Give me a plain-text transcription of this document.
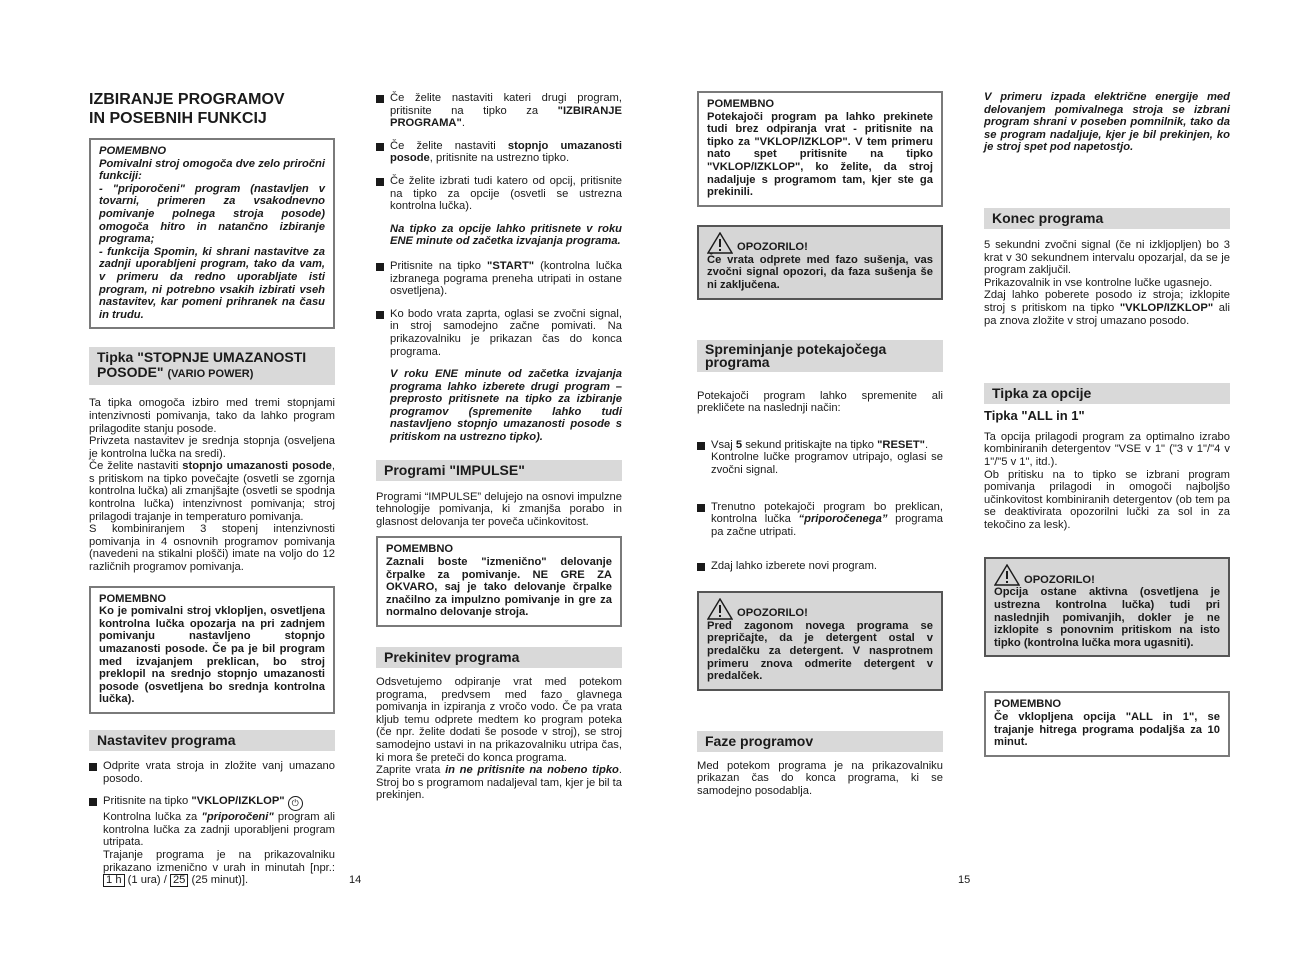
IZBIRANJE PROGRAMOV
IN POSEBNIH FUNKCIJ
POMEMBNO
Pomivalni stroj omogoča dve zelo priročni funkciji:
- "priporočeni" program (nastavljen v tovarni, primeren za vsakodnevno pomivanje polnega stroja posode) omogoča hitro in natančno izbiranje programa;
- funkcija Spomin, ki shrani nastavitve za zadnji uporabljeni program, tako da vam, v primeru da redno uporabljate isti program, ni potrebno vsakih izbirati vseh nastavitev, kar pomeni prihranek na času in trudu.
Tipka "STOPNJE UMAZANOSTI POSODE" (VARIO POWER)
Ta tipka omogoča izbiro med tremi stopnjami intenzivnosti pomivanja, tako da lahko program prilagodite stanju posode.
Privzeta nastavitev je srednja stopnja (osveljena je kontrolna lučka na sredi).
Če želite nastaviti stopnjo umazanosti posode, s pritiskom na tipko povečajte (osvetli se zgornja kontrolna lučka) ali zmanjšajte (osvetli se spodnja kontrolna lučka) intenzivnost pomivanja; stroj prilagodi trajanje in temperaturo pomivanja.
S kombiniranjem 3 stopenj intenzivnosti pomivanja in 4 osnovnih programov pomivanja (navedeni na stikalni plošči) imate na voljo do 12 različnih programov pomivanja.
POMEMBNO
Ko je pomivalni stroj vklopljen, osvetljena kontrolna lučka opozarja na pri zadnjem pomivanju nastavljeno stopnjo umazanosti posode. Če pa je bil program med izvajanjem preklican, bo stroj preklopil na srednjo stopnjo umazanosti posode (osvetljena bo srednja kontrolna lučka).
Nastavitev programa
Odprite vrata stroja in zložite vanj umazano posodo.
Pritisnite na tipko "VKLOP/IZKLOP" ⏻
Kontrolna lučka za "priporočeni" program ali kontrolna lučka za zadnji uporabljeni program utripata.
Trajanje programa je na prikazovalniku prikazano izmenično v urah in minutah [npr.: 1 h (1 ura) / 25 (25 minut)].
Če želite nastaviti kateri drugi program, pritisnite na tipko za "IZBIRANJE PROGRAMA".
Če želite nastaviti stopnjo umazanosti posode, pritisnite na ustrezno tipko.
Če želite izbrati tudi katero od opcij, pritisnite na tipko za opcije (osvetli se ustrezna kontrolna lučka).
Na tipko za opcije lahko pritisnete v roku ENE minute od začetka izvajanja programa.
Pritisnite na tipko "START" (kontrolna lučka izbranega pograma preneha utripati in ostane osvetljena).
Ko bodo vrata zaprta, oglasi se zvočni signal, in stroj samodejno začne pomivati. Na prikazovalniku je prikazan čas do konca programa.
V roku ENE minute od začetka izvajanja programa lahko izberete drugi program – preprosto pritisnete na tipko za izbiranje programov (spremenite lahko tudi nastavljeno stopnjo umazanosti posode s pritiskom na ustrezno tipko).
Programi "IMPULSE"

Programi “IMPULSE” delujejo na osnovi impulzne tehnologije pomivanja, ki zmanjša porabo in glasnost delovanja ter poveča učinkovitost.

POMEMBNO
Zaznali boste "izmenično" delovanje črpalke za pomivanje. NE GRE ZA OKVARO, saj je tako delovanje črpalke značilno za impulzno pomivanje in gre za normalno delovanje stroja.
Prekinitev programa
Odsvetujemo odpiranje vrat med potekom programa, predvsem med fazo glavnega pomivanja in izpiranja z vročo vodo. Če pa vrata kljub temu odprete medtem ko program poteka (če npr. želite dodati še posode v stroj), se stroj samodejno ustavi in na prikazovalniku utripa čas, ki mora še preteči do konca programa.
Zaprite vrata in ne pritisnite na nobeno tipko. Stroj bo s programom nadaljeval tam, kjer je bil ta prekinjen.
POMEMBNO
Potekajoči program pa lahko prekinete tudi brez odpiranja vrat - pritisnite na tipko za "VKLOP/IZKLOP". V tem primeru nato spet pritisnite na tipko "VKLOP/IZKLOP", ko želite, da stroj nadaljuje s programom tam, kjer ste ga prekinili.
OPOZORILO!
Če vrata odprete med fazo sušenja, vas zvočni signal opozori, da faza sušenja še ni zaključena.
Spreminjanje potekajočega programa

Potekajoči program lahko spremenite ali prekličete na naslednji način:

Vsaj 5 sekund pritiskajte na tipko "RESET".
Kontrolne lučke programov utripajo, oglasi se zvočni signal.
Trenutno potekajoči program bo preklican, kontrolna lučka “priporočenega” programa pa začne utripati.
Zdaj lahko izberete novi program.
OPOZORILO!
Pred zagonom novega programa se prepričajte, da je detergent ostal v predalčku za detergent. V nasprotnem primeru znova odmerite detergent v predalček.
Faze programov

Med potekom programa je na prikazovalniku prikazan čas do konca programa, ki se samodejno posodablja.

V primeru izpada električne energije med delovanjem pomivalnega stroja se izbrani program shrani v poseben pomnilnik, tako da se program nadaljuje, kjer je bil prekinjen, ko je stroj spet pod napetostjo.
Konec programa
5 sekundni zvočni signal (če ni izkljopljen) bo 3 krat v 30 sekundnem intervalu opozarjal, da se je program zaključil.
Prikazovalnik in vse kontrolne lučke ugasnejo.
Zdaj lahko poberete posodo iz stroja; izklopite stroj s pritiskom na tipko "VKLOP/IZKLOP" ali pa znova zložite v stroj umazano posodo.
Tipka za opcije
Tipka "ALL in 1"
Ta opcija prilagodi program za optimalno izrabo kombiniranih detergentov "VSE v 1" ("3 v 1"/"4 v 1"/"5 v 1", itd.).
Ob pritisku na to tipko se izbrani program pomivanja prilagodi in omogoči najboljšo učinkovitost kombiniranih detergentov (ob tem pa se deaktivirata opozorilni lučki za sol in za tekočino za lesk).
OPOZORILO!
Opcija ostane aktivna (osvetljena je ustrezna kontrolna lučka) tudi pri naslednjih pomivanjih, dokler je ne izklopite s ponovnim pritiskom na isto tipko (kontrolna lučka mora ugasniti).
POMEMBNO
Če vklopljena opcija "ALL in 1", se trajanje hitrega programa podaljša za 10 minut.
14	15
